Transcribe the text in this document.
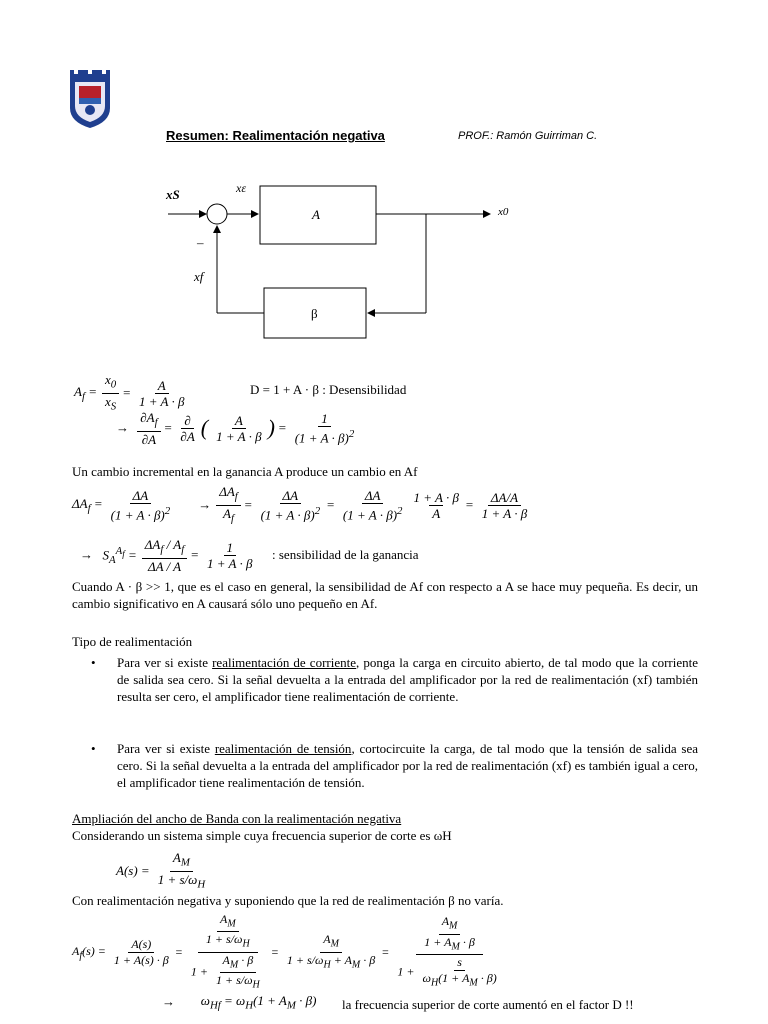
Resumen: Realimentación negativa	PROF.: Ramón Guirriman C.
xS	xε
x0
xf
A
β
–
$A_f = \frac{x_0}{x_S} = \frac{A}{1 + A \cdot \beta}$	D = 1 + A · β : Desensibilidad
→ $\frac{\partial A_f}{\partial A} = \frac{\partial}{\partial A}$ ( $\frac{A}{1 + A \cdot \beta}$ ) = $\frac{1}{(1 + A \cdot \beta)^2}$
Un cambio incremental en la ganancia A produce un cambio en Af
$\Delta A_f = \frac{\Delta A}{(1 + A \cdot \beta)^2} \to \frac{\Delta A_f}{A_f} = \frac{\Delta A}{(1 + A \cdot \beta)^2} = \frac{\Delta A}{(1 + A \cdot \beta)^2} \frac{1 + A \cdot \beta}{A} = \frac{\Delta A/A}{1 + A \cdot \beta}$
→ $S_A^{A_f} = \frac{\Delta A_f / A_f}{\Delta A / A} = \frac{1}{1 + A \cdot \beta}$ : sensibilidad de la ganancia
Cuando A · β >> 1, que es el caso en general, la sensibilidad de Af con respecto a A se hace muy pequeña. Es decir, un cambio significativo en A causará sólo uno pequeño en Af.
Tipo de realimentación
• Para ver si existe realimentación de corriente, ponga la carga en circuito abierto, de tal modo que la corriente de salida sea cero. Si la señal devuelta a la entrada del amplificador por la red de realimentación (xf) también resulta ser cero, el amplificador tiene realimentación de corriente.
• Para ver si existe realimentación de tensión, cortocircuite la carga, de tal modo que la tensión de salida sea cero. Si la señal devuelta a la entrada del amplificador por la red de realimentación (xf) es también igual a cero, el amplificador tiene realimentación de tensión.
Ampliación del ancho de Banda con la realimentación negativa
Considerando un sistema simple cuya frecuencia superior de corte es ωH
$A(s) = \frac{A_M}{1 + s/\omega_H}$
Con realimentación negativa y suponiendo que la red de realimentación β no varía.
$A_f(s) = \frac{A(s)}{1 + A(s) \cdot \beta} = \frac{\frac{A_M}{1 + s/\omega_H}}{1 + \frac{A_M \cdot \beta}{1 + s/\omega_H}} = \frac{A_M}{1 + s/\omega_H + A_M \cdot \beta} = \frac{\frac{A_M}{1 + A_M \cdot \beta}}{1 + \frac{s}{\omega_H(1 + A_M \cdot \beta)}}$
→ $\omega_{Hf} = \omega_H(1 + A_M \cdot \beta)$ la frecuencia superior de corte aumentó en el factor D !!
